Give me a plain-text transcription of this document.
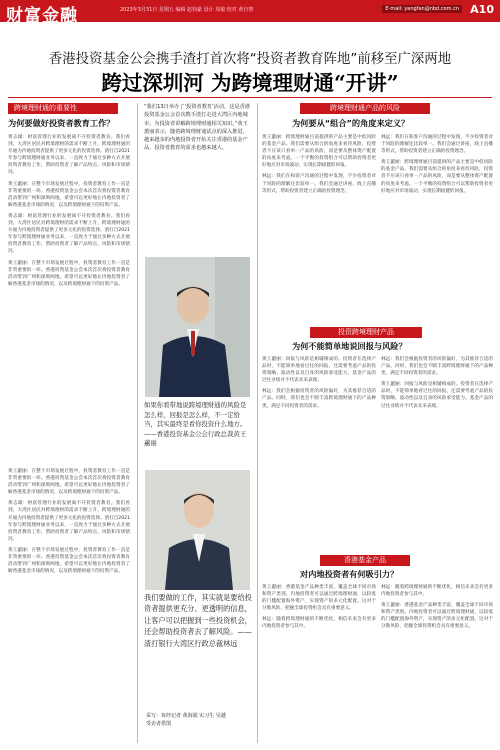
财富金融	2023年3月31日 星期五 编辑 赵钧豪 设计 周俊 校对 黄自禁	E-mail: yangfan@nbd.com.cn A10
香港投资基金公会携手渣打首次将“投资者教育阵地”前移至广深两地
跨过深圳河 为跨境理财通“开讲”
跨境理财通的重要性
为何要做好投资者教育工作？

黄志雄：财富管理行业的发展离不开投资者教育。我们看到，大湾区居民对跨境理财的需求不断上升，跨境理财通的开通为内地投资者提供了更多元化的投资选择。渣打自2021年参与跨境理财通业务以来，一直致力于通过多种方式开展投资者教育工作，帮助投资者了解产品特点、风险和市场情况。

黄王蕙丽：在整个市场发展过程中，投资者教育工作一直是非常重要的一环。香港投资基金公会本次首次将投资者教育活动带到广州和深圳两地，希望可以更好地让内地投资者了解香港基金市场的情况，以及跨境理财通下的投资产品。

黄志雄：财富管理行业的发展离不开投资者教育。我们看到，大湾区居民对跨境理财的需求不断上升，跨境理财通的开通为内地投资者提供了更多元化的投资选择。渣打自2021年参与跨境理财通业务以来，一直致力于通过多种方式开展投资者教育工作，帮助投资者了解产品特点、风险和市场情况。

黄王蕙丽：在整个市场发展过程中，投资者教育工作一直是非常重要的一环。香港投资基金公会本次首次将投资者教育活动带到广州和深圳两地，希望可以更好地让内地投资者了解香港基金市场的情况，以及跨境理财通下的投资产品。

黄王蕙丽：在整个市场发展过程中，投资者教育工作一直是非常重要的一环。香港投资基金公会本次首次将投资者教育活动带到广州和深圳两地，希望可以更好地让内地投资者了解香港基金市场的情况，以及跨境理财通下的投资产品。

黄志雄：财富管理行业的发展离不开投资者教育。我们看到，大湾区居民对跨境理财的需求不断上升，跨境理财通的开通为内地投资者提供了更多元化的投资选择。渣打自2021年参与跨境理财通业务以来，一直致力于通过多种方式开展投资者教育工作，帮助投资者了解产品特点、风险和市场情况。

黄王蕙丽：在整个市场发展过程中，投资者教育工作一直是非常重要的一环。香港投资基金公会本次首次将投资者教育活动带到广州和深圳两地，希望可以更好地让内地投资者了解香港基金市场的情况，以及跨境理财通下的投资产品。

“我们13日举办了‘投资者教育’活动，这是香港投资基金公会首次携手渣打走进大湾区内地城市，为投资者讲解跨境理财通相关知识。”黄王蕙丽表示，随着跨境理财通试点的深入推进，越来越多的内地投资者开始关注香港的基金产品，投资者教育的需求也越来越大。
如果你看带地说跨境理财通的风险是怎么样，回报是怎么样，不一定恰当，其实最终是看你投资什么地方。——香港投资基金公会行政总裁黄王蕙丽
我们要做的工作，其实就是要给投资者提供更充分、更透明的信息，让客户可以把握到一些投资机会，还会帮助投资者去了解风险。——渣打银行大湾区行政总裁林远
采写：每经记者 黄海娟 实习生 吴越
受访者供图
跨境理财通产品的风险
为何要从“组合”的角度来定义？

黄王蕙丽：跨境理财通目前提供的产品主要是中低风险的基金产品。我们需要从组合的角度来看待风险，投资者不应该只看单一产品的风险，而是要从整体资产配置的角度来考虑。一个平衡的投资组合可以帮助投资者更好地应对市场波动，实现长期稳健的回报。

林远：我们在和客户沟通的过程中发现，不少投资者对于风险的理解还比较单一。我们会通过讲座、线上直播等形式，帮助投资者建立正确的投资理念。

林远：我们在和客户沟通的过程中发现，不少投资者对于风险的理解还比较单一。我们会通过讲座、线上直播等形式，帮助投资者建立正确的投资理念。

黄王蕙丽：跨境理财通目前提供的产品主要是中低风险的基金产品。我们需要从组合的角度来看待风险，投资者不应该只看单一产品的风险，而是要从整体资产配置的角度来考虑。一个平衡的投资组合可以帮助投资者更好地应对市场波动，实现长期稳健的回报。

投资跨境理财产品
为何不能简单地说回报与风险？

黄王蕙丽：回报与风险是相辅相成的。投资者在选择产品时，不能简单地看过往的回报，还需要考虑产品的投资策略、波动性以及自身的风险承受能力。基金产品的过往业绩并不代表未来表现。

林远：我们会根据投资者的风险偏好，为其推荐合适的产品。同时，我们也会不断丰富跨境理财通下的产品种类，满足不同投资者的需求。

林远：我们会根据投资者的风险偏好，为其推荐合适的产品。同时，我们也会不断丰富跨境理财通下的产品种类，满足不同投资者的需求。

黄王蕙丽：回报与风险是相辅相成的。投资者在选择产品时，不能简单地看过往的回报，还需要考虑产品的投资策略、波动性以及自身的风险承受能力。基金产品的过往业绩并不代表未来表现。

香港基金产品
对内地投资者有何吸引力？

黄王蕙丽：香港基金产品种类丰富，覆盖全球不同市场和资产类别。内地投资者可以通过跨境理财通，以较低的门槛配置海外资产，实现资产的多元化配置。这对于分散风险、把握全球投资机会具有重要意义。

林远：随着跨境理财通的不断优化，相信未来会有更多内地投资者参与其中。

林远：随着跨境理财通的不断优化，相信未来会有更多内地投资者参与其中。

黄王蕙丽：香港基金产品种类丰富，覆盖全球不同市场和资产类别。内地投资者可以通过跨境理财通，以较低的门槛配置海外资产，实现资产的多元化配置。这对于分散风险、把握全球投资机会具有重要意义。
